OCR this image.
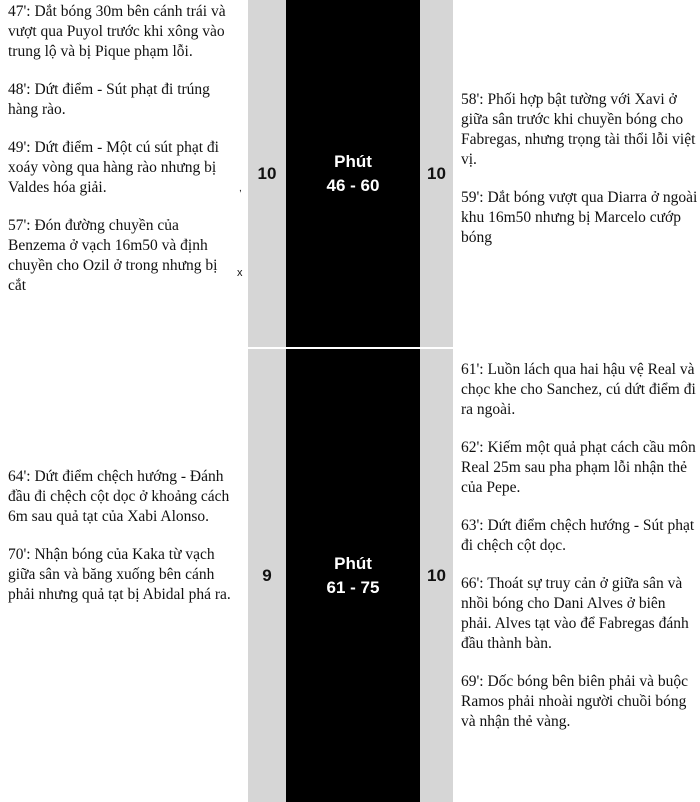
47': Dắt bóng 30m bên cánh trái và vượt qua Puyol trước khi xông vào trung lộ và bị Pique phạm lỗi.

48': Dứt điểm - Sút phạt đi trúng hàng rào.

49': Dứt điểm - Một cú sút phạt đi xoáy vòng qua hàng rào nhưng bị Valdes hóa giải.

57': Đón đường chuyền của Benzema ở vạch 16m50 và định chuyền cho Ozil ở trong nhưng bị cắt

,
x
10
Phút
46 - 60
10

58': Phối hợp bật tường với Xavi ở giữa sân trước khi chuyền bóng cho Fabregas, nhưng trọng tài thổi lỗi việt vị.

59': Dắt bóng vượt qua Diarra ở ngoài khu 16m50 nhưng bị Marcelo cướp bóng

64': Dứt điểm chệch hướng - Đánh đầu đi chệch cột dọc ở khoảng cách 6m sau quả tạt của Xabi Alonso.

70': Nhận bóng của Kaka từ vạch giữa sân và băng xuống bên cánh phải nhưng quả tạt bị Abidal phá ra.

9
Phút
61 - 75
10

61': Luồn lách qua hai hậu vệ Real và chọc khe cho Sanchez, cú dứt điểm đi ra ngoài.

62': Kiếm một quả phạt cách cầu môn Real 25m sau pha phạm lỗi nhận thẻ của Pepe.

63': Dứt điểm chệch hướng - Sút phạt đi chệch cột dọc.

66': Thoát sự truy cản ở giữa sân và nhồi bóng cho Dani Alves ở biên phải. Alves tạt vào để Fabregas đánh đầu thành bàn.

69': Dốc bóng bên biên phải và buộc Ramos phải nhoài người chuồi bóng và nhận thẻ vàng.
